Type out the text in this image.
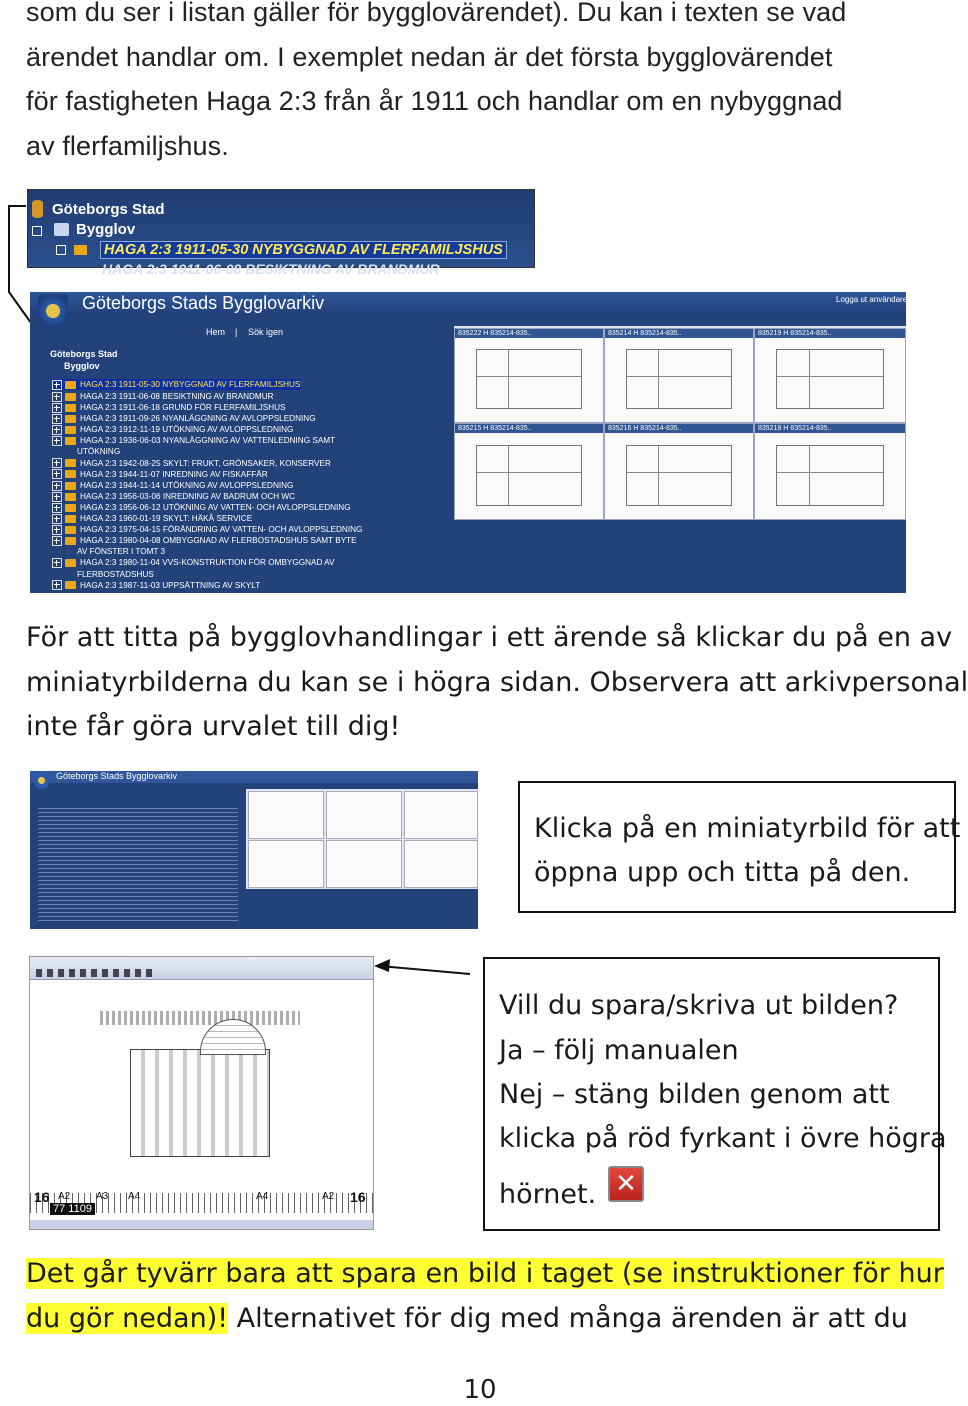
som du ser i listan gäller för bygglovärendet). Du kan i texten se vad
ärendet handlar om. I exemplet nedan är det första bygglovärendet
för fastigheten Haga 2:3 från år 1911 och handlar om en nybyggnad
av flerfamiljshus.
Göteborgs Stad
Bygglov
HAGA 2:3 1911-05-30 NYBYGGNAD AV FLERFAMILJSHUS
HAGA 2:3 1911-06-08 BESIKTNING AV BRANDMUR
Göteborgs Stads Bygglovarkiv	Logga ut användare
Hem | Sök igen
Göteborgs Stad
Bygglov
HAGA 2:3 1911-05-30 NYBYGGNAD AV FLERFAMILJSHUS
HAGA 2:3 1911-06-08 BESIKTNING AV BRANDMUR
HAGA 2:3 1911-06-18 GRUND FÖR FLERFAMILJSHUS
HAGA 2:3 1911-09-26 NYANLÄGGNING AV AVLOPPSLEDNING
HAGA 2:3 1912-11-19 UTÖKNING AV AVLOPPSLEDNING
HAGA 2:3 1936-06-03 NYANLÄGGNING AV VATTENLEDNING SAMT
UTÖKNING
HAGA 2:3 1942-08-25 SKYLT: FRUKT, GRÖNSAKER, KONSERVER
HAGA 2:3 1944-11-07 INREDNING AV FISKAFFÄR
HAGA 2:3 1944-11-14 UTÖKNING AV AVLOPPSLEDNING
HAGA 2:3 1956-03-06 INREDNING AV BADRUM OCH WC
HAGA 2:3 1956-06-12 UTÖKNING AV VATTEN- OCH AVLOPPSLEDNING
HAGA 2:3 1960-01-19 SKYLT: HÄKÅ SERVICE
HAGA 2:3 1975-04-15 FÖRÄNDRING AV VATTEN- OCH AVLOPPSLEDNING
HAGA 2:3 1980-04-08 OMBYGGNAD AV FLERBOSTADSHUS SAMT BYTE
AV FÖNSTER I TOMT 3
HAGA 2:3 1980-11-04 VVS-KONSTRUKTION FÖR OMBYGGNAD AV
FLERBOSTADSHUS
HAGA 2:3 1987-11-03 UPPSÄTTNING AV SKYLT
835222 H 835214-835..	835214 H 835214-835..	835219 H 835214-835..
835215 H 835214-835..	835216 H 835214-835..	835218 H 835214-835..
För att titta på bygglovhandlingar i ett ärende så klickar du på en av
miniatyrbilderna du kan se i högra sidan. Observera att arkivpersonal
inte får göra urvalet till dig!
Göteborgs Stads Bygglovarkiv
Klicka på en miniatyrbild för att
öppna upp och titta på den.
16 A2	A3 A4	A4	A2 16
77 1109
Vill du spara/skriva ut bilden?
Ja – följ manualen
Nej – stäng bilden genom att
klicka på röd fyrkant i övre högra
hörnet. ✕
Det går tyvärr bara att spara en bild i taget (se instruktioner för hur
du gör nedan)! Alternativet för dig med många ärenden är att du
10
